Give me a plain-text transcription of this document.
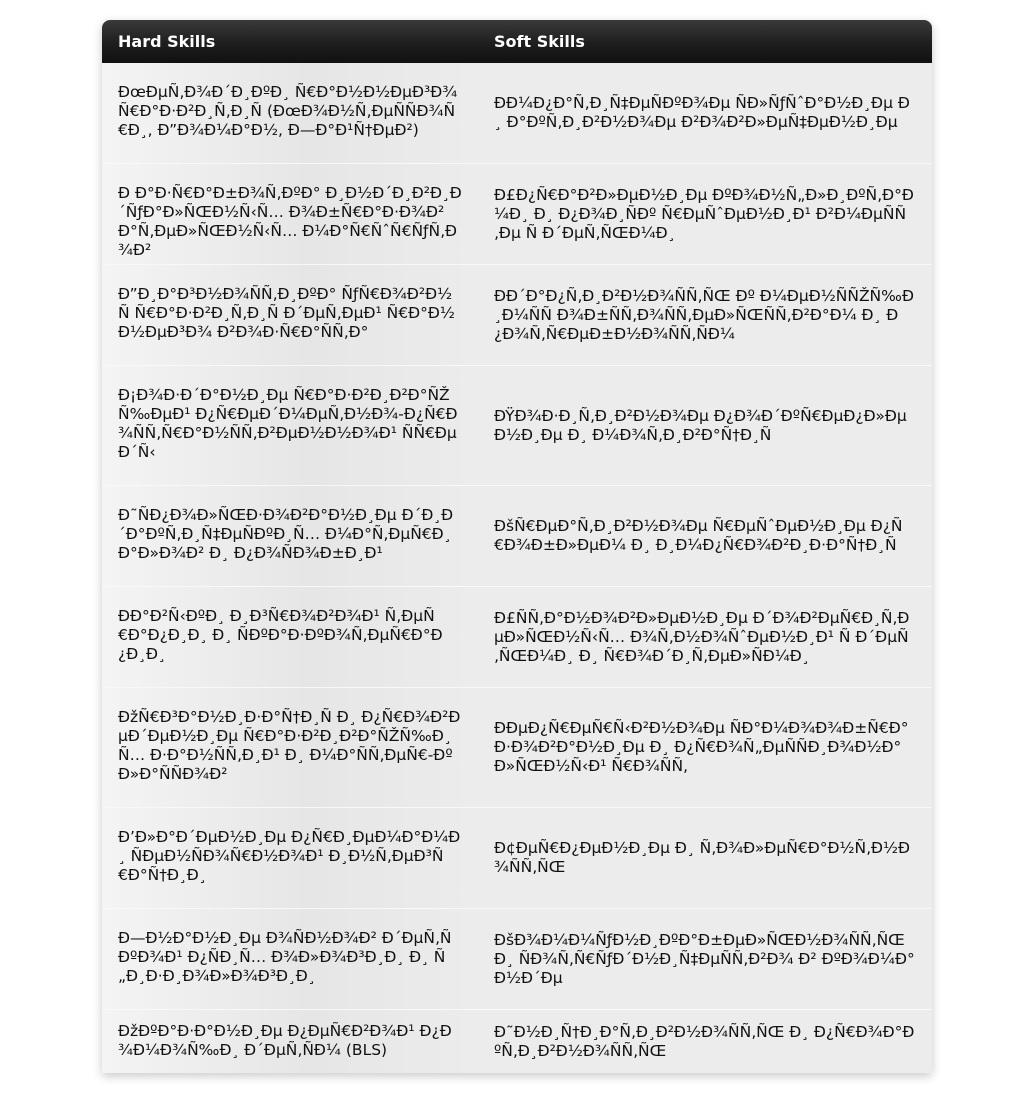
Hard Skills	Soft Skills
ÐœÐµÑ‚Ð¾Ð´Ð¸ÐºÐ¸ Ñ€Ð°Ð½Ð½ÐµÐ³Ð¾ Ñ€Ð°Ð·Ð²Ð¸Ñ‚Ð¸Ñ (ÐœÐ¾Ð½Ñ‚ÐµÑÑÐ¾Ñ€Ð¸, Ð”Ð¾Ð¼Ð°Ð½, Ð—Ð°Ð¹Ñ†ÐµÐ²)
ÐÐ¼Ð¿Ð°Ñ‚Ð¸Ñ‡ÐµÑÐºÐ¾Ðµ ÑÐ»ÑƒÑˆÐ°Ð½Ð¸Ðµ Ð¸ Ð°ÐºÑ‚Ð¸Ð²Ð½Ð¾Ðµ Ð²Ð¾Ð²Ð»ÐµÑ‡ÐµÐ½Ð¸Ðµ
Ð Ð°Ð·Ñ€Ð°Ð±Ð¾Ñ‚ÐºÐ° Ð¸Ð½Ð´Ð¸Ð²Ð¸Ð´ÑƒÐ°Ð»ÑŒÐ½Ñ‹Ñ… Ð¾Ð±Ñ€Ð°Ð·Ð¾Ð²Ð°Ñ‚ÐµÐ»ÑŒÐ½Ñ‹Ñ… Ð¼Ð°Ñ€ÑˆÑ€ÑƒÑ‚Ð¾Ð²
Ð£Ð¿Ñ€Ð°Ð²Ð»ÐµÐ½Ð¸Ðµ ÐºÐ¾Ð½Ñ„Ð»Ð¸ÐºÑ‚Ð°Ð¼Ð¸ Ð¸ Ð¿Ð¾Ð¸ÑÐº Ñ€ÐµÑˆÐµÐ½Ð¸Ð¹ Ð²Ð¼ÐµÑÑ‚Ðµ Ñ Ð´ÐµÑ‚ÑŒÐ¼Ð¸
Ð”Ð¸Ð°Ð³Ð½Ð¾ÑÑ‚Ð¸ÐºÐ° ÑƒÑ€Ð¾Ð²Ð½Ñ Ñ€Ð°Ð·Ð²Ð¸Ñ‚Ð¸Ñ Ð´ÐµÑ‚ÐµÐ¹ Ñ€Ð°Ð½Ð½ÐµÐ³Ð¾ Ð²Ð¾Ð·Ñ€Ð°ÑÑ‚Ð°
ÐÐ´Ð°Ð¿Ñ‚Ð¸Ð²Ð½Ð¾ÑÑ‚ÑŒ Ðº Ð¼ÐµÐ½ÑÑŽÑ‰Ð¸Ð¼ÑÑ Ð¾Ð±ÑÑ‚Ð¾ÑÑ‚ÐµÐ»ÑŒÑÑ‚Ð²Ð°Ð¼ Ð¸ Ð¿Ð¾Ñ‚Ñ€ÐµÐ±Ð½Ð¾ÑÑ‚ÑÐ¼
Ð¡Ð¾Ð·Ð´Ð°Ð½Ð¸Ðµ Ñ€Ð°Ð·Ð²Ð¸Ð²Ð°ÑŽÑ‰ÐµÐ¹ Ð¿Ñ€ÐµÐ´Ð¼ÐµÑ‚Ð½Ð¾-Ð¿Ñ€Ð¾ÑÑ‚Ñ€Ð°Ð½ÑÑ‚Ð²ÐµÐ½Ð½Ð¾Ð¹ ÑÑ€ÐµÐ´Ñ‹
ÐŸÐ¾Ð·Ð¸Ñ‚Ð¸Ð²Ð½Ð¾Ðµ Ð¿Ð¾Ð´ÐºÑ€ÐµÐ¿Ð»ÐµÐ½Ð¸Ðµ Ð¸ Ð¼Ð¾Ñ‚Ð¸Ð²Ð°Ñ†Ð¸Ñ
Ð˜ÑÐ¿Ð¾Ð»ÑŒÐ·Ð¾Ð²Ð°Ð½Ð¸Ðµ Ð´Ð¸Ð´Ð°ÐºÑ‚Ð¸Ñ‡ÐµÑÐºÐ¸Ñ… Ð¼Ð°Ñ‚ÐµÑ€Ð¸Ð°Ð»Ð¾Ð² Ð¸ Ð¿Ð¾ÑÐ¾Ð±Ð¸Ð¹
ÐšÑ€ÐµÐ°Ñ‚Ð¸Ð²Ð½Ð¾Ðµ Ñ€ÐµÑˆÐµÐ½Ð¸Ðµ Ð¿Ñ€Ð¾Ð±Ð»ÐµÐ¼ Ð¸ Ð¸Ð¼Ð¿Ñ€Ð¾Ð²Ð¸Ð·Ð°Ñ†Ð¸Ñ
ÐÐ°Ð²Ñ‹ÐºÐ¸ Ð¸Ð³Ñ€Ð¾Ð²Ð¾Ð¹ Ñ‚ÐµÑ€Ð°Ð¿Ð¸Ð¸ Ð¸ ÑÐºÐ°Ð·ÐºÐ¾Ñ‚ÐµÑ€Ð°Ð¿Ð¸Ð¸
Ð£ÑÑ‚Ð°Ð½Ð¾Ð²Ð»ÐµÐ½Ð¸Ðµ Ð´Ð¾Ð²ÐµÑ€Ð¸Ñ‚ÐµÐ»ÑŒÐ½Ñ‹Ñ… Ð¾Ñ‚Ð½Ð¾ÑˆÐµÐ½Ð¸Ð¹ Ñ Ð´ÐµÑ‚ÑŒÐ¼Ð¸ Ð¸ Ñ€Ð¾Ð´Ð¸Ñ‚ÐµÐ»ÑÐ¼Ð¸
ÐžÑ€Ð³Ð°Ð½Ð¸Ð·Ð°Ñ†Ð¸Ñ Ð¸ Ð¿Ñ€Ð¾Ð²ÐµÐ´ÐµÐ½Ð¸Ðµ Ñ€Ð°Ð·Ð²Ð¸Ð²Ð°ÑŽÑ‰Ð¸Ñ… Ð·Ð°Ð½ÑÑ‚Ð¸Ð¹ Ð¸ Ð¼Ð°ÑÑ‚ÐµÑ€-ÐºÐ»Ð°ÑÑÐ¾Ð²
ÐÐµÐ¿Ñ€ÐµÑ€Ñ‹Ð²Ð½Ð¾Ðµ ÑÐ°Ð¼Ð¾Ð¾Ð±Ñ€Ð°Ð·Ð¾Ð²Ð°Ð½Ð¸Ðµ Ð¸ Ð¿Ñ€Ð¾Ñ„ÐµÑÑÐ¸Ð¾Ð½Ð°Ð»ÑŒÐ½Ñ‹Ð¹ Ñ€Ð¾ÑÑ‚
Ð’Ð»Ð°Ð´ÐµÐ½Ð¸Ðµ Ð¿Ñ€Ð¸ÐµÐ¼Ð°Ð¼Ð¸ ÑÐµÐ½ÑÐ¾Ñ€Ð½Ð¾Ð¹ Ð¸Ð½Ñ‚ÐµÐ³Ñ€Ð°Ñ†Ð¸Ð¸
Ð¢ÐµÑ€Ð¿ÐµÐ½Ð¸Ðµ Ð¸ Ñ‚Ð¾Ð»ÐµÑ€Ð°Ð½Ñ‚Ð½Ð¾ÑÑ‚ÑŒ
Ð—Ð½Ð°Ð½Ð¸Ðµ Ð¾ÑÐ½Ð¾Ð² Ð´ÐµÑ‚ÑÐºÐ¾Ð¹ Ð¿ÑÐ¸Ñ… Ð¾Ð»Ð¾Ð³Ð¸Ð¸ Ð¸ Ñ„Ð¸Ð·Ð¸Ð¾Ð»Ð¾Ð³Ð¸Ð¸
ÐšÐ¾Ð¼Ð¼ÑƒÐ½Ð¸ÐºÐ°Ð±ÐµÐ»ÑŒÐ½Ð¾ÑÑ‚ÑŒ Ð¸ ÑÐ¾Ñ‚Ñ€ÑƒÐ´Ð½Ð¸Ñ‡ÐµÑÑ‚Ð²Ð¾ Ð² ÐºÐ¾Ð¼Ð°Ð½Ð´Ðµ
ÐžÐºÐ°Ð·Ð°Ð½Ð¸Ðµ Ð¿ÐµÑ€Ð²Ð¾Ð¹ Ð¿Ð¾Ð¼Ð¾Ñ‰Ð¸ Ð´ÐµÑ‚ÑÐ¼ (BLS)
Ð˜Ð½Ð¸Ñ†Ð¸Ð°Ñ‚Ð¸Ð²Ð½Ð¾ÑÑ‚ÑŒ Ð¸ Ð¿Ñ€Ð¾Ð°ÐºÑ‚Ð¸Ð²Ð½Ð¾ÑÑ‚ÑŒ
